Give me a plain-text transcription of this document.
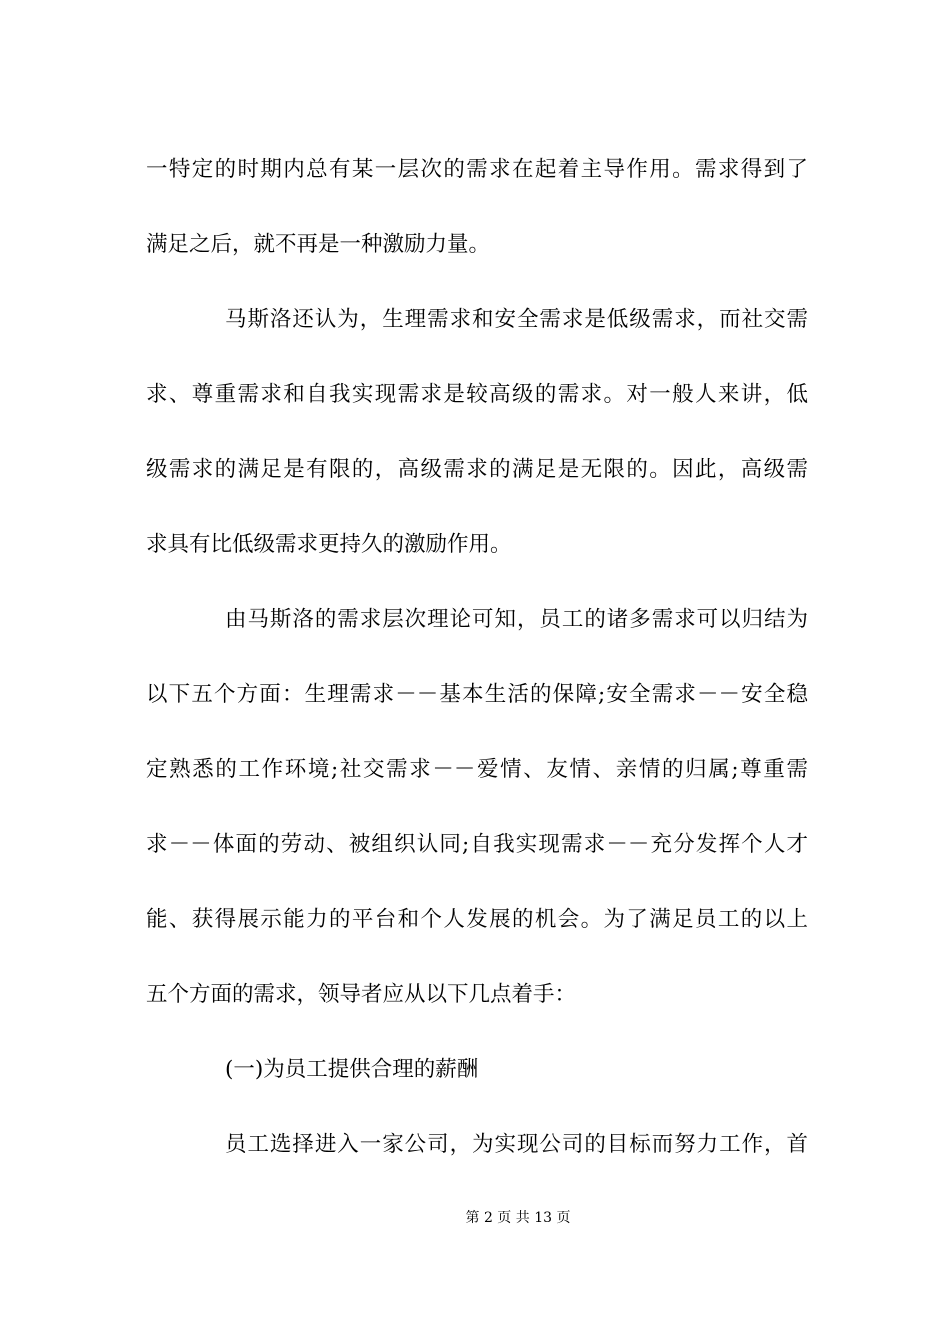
一特定的时期内总有某一层次的需求在起着主导作用。需求得到了
满足之后，就不再是一种激励力量。
马斯洛还认为，生理需求和安全需求是低级需求，而社交需
求、尊重需求和自我实现需求是较高级的需求。对一般人来讲，低
级需求的满足是有限的，高级需求的满足是无限的。因此，高级需
求具有比低级需求更持久的激励作用。
由马斯洛的需求层次理论可知，员工的诸多需求可以归结为
以下五个方面：生理需求－－基本生活的保障;安全需求－－安全稳
定熟悉的工作环境;社交需求－－爱情、友情、亲情的归属;尊重需
求－－体面的劳动、被组织认同;自我实现需求－－充分发挥个人才
能、获得展示能力的平台和个人发展的机会。为了满足员工的以上
五个方面的需求，领导者应从以下几点着手：
(一)为员工提供合理的薪酬
员工选择进入一家公司，为实现公司的目标而努力工作，首
第 2 页 共 13 页
